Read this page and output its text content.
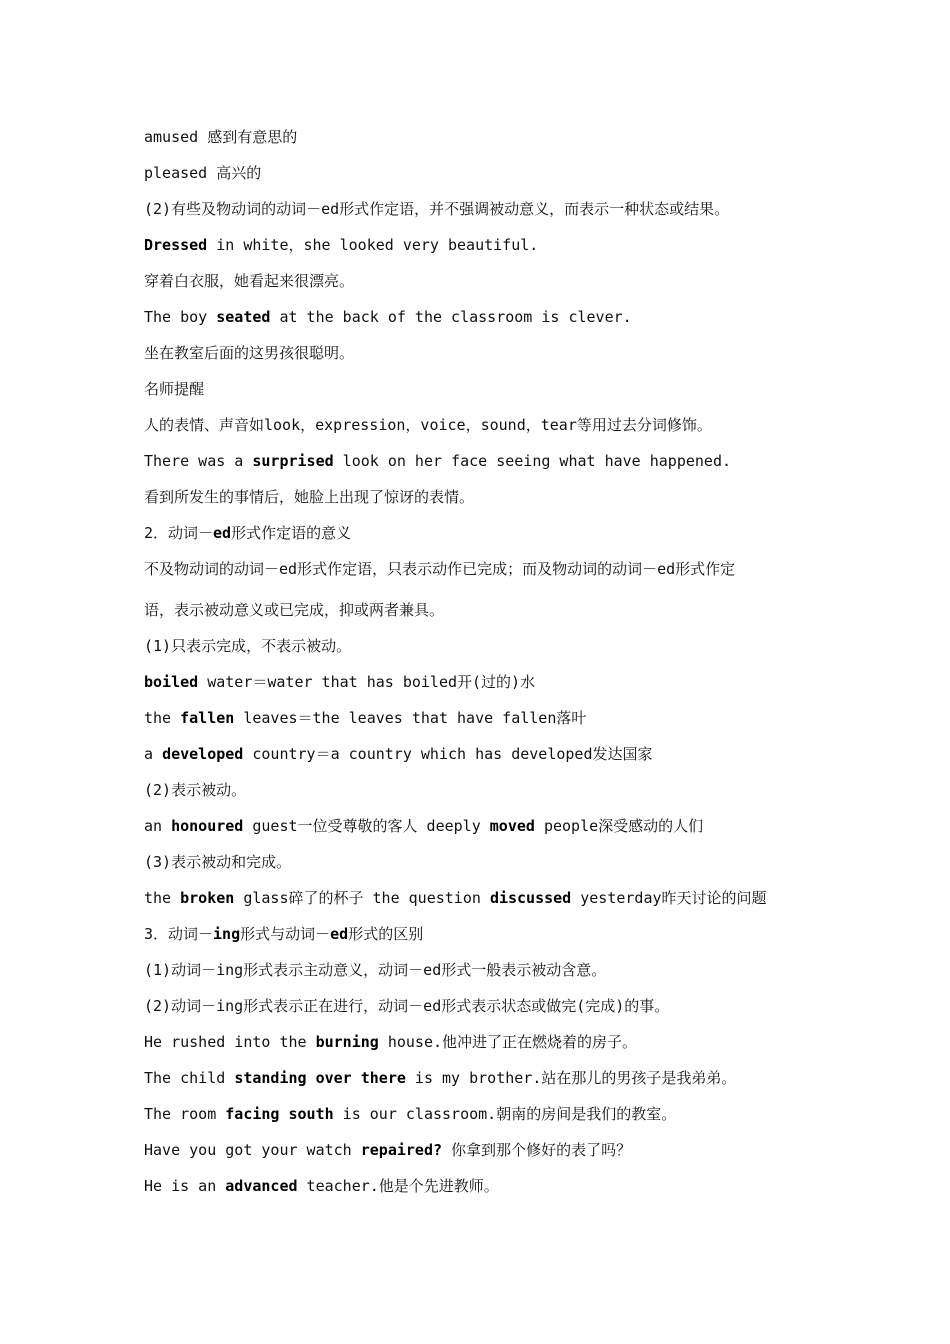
amused 感到有意思的
pleased 高兴的
(2)有些及物动词的动词－ed形式作定语，并不强调被动意义，而表示一种状态或结果。
Dressed in white，she looked very beautiful.
穿着白衣服，她看起来很漂亮。
The boy seated at the back of the classroom is clever.
坐在教室后面的这男孩很聪明。
名师提醒
人的表情、声音如look，expression，voice，sound，tear等用过去分词修饰。
There was a surprised look on her face seeing what have happened.
看到所发生的事情后，她脸上出现了惊讶的表情。
2．动词－ed形式作定语的意义
不及物动词的动词－ed形式作定语，只表示动作已完成；而及物动词的动词－ed形式作定
语，表示被动意义或已完成，抑或两者兼具。
(1)只表示完成，不表示被动。
boiled water＝water that has boiled开(过的)水
the fallen leaves＝the leaves that have fallen落叶
a developed country＝a country which has developed发达国家
(2)表示被动。
an honoured guest一位受尊敬的客人 deeply moved people深受感动的人们
(3)表示被动和完成。
the broken glass碎了的杯子 the question discussed yesterday昨天讨论的问题
3．动词－ing形式与动词－ed形式的区别
(1)动词－ing形式表示主动意义，动词－ed形式一般表示被动含意。
(2)动词－ing形式表示正在进行，动词－ed形式表示状态或做完(完成)的事。
He rushed into the burning house.他冲进了正在燃烧着的房子。
The child standing over there is my brother.站在那儿的男孩子是我弟弟。
The room facing south is our classroom.朝南的房间是我们的教室。
Have you got your watch repaired? 你拿到那个修好的表了吗？
He is an advanced teacher.他是个先进教师。
